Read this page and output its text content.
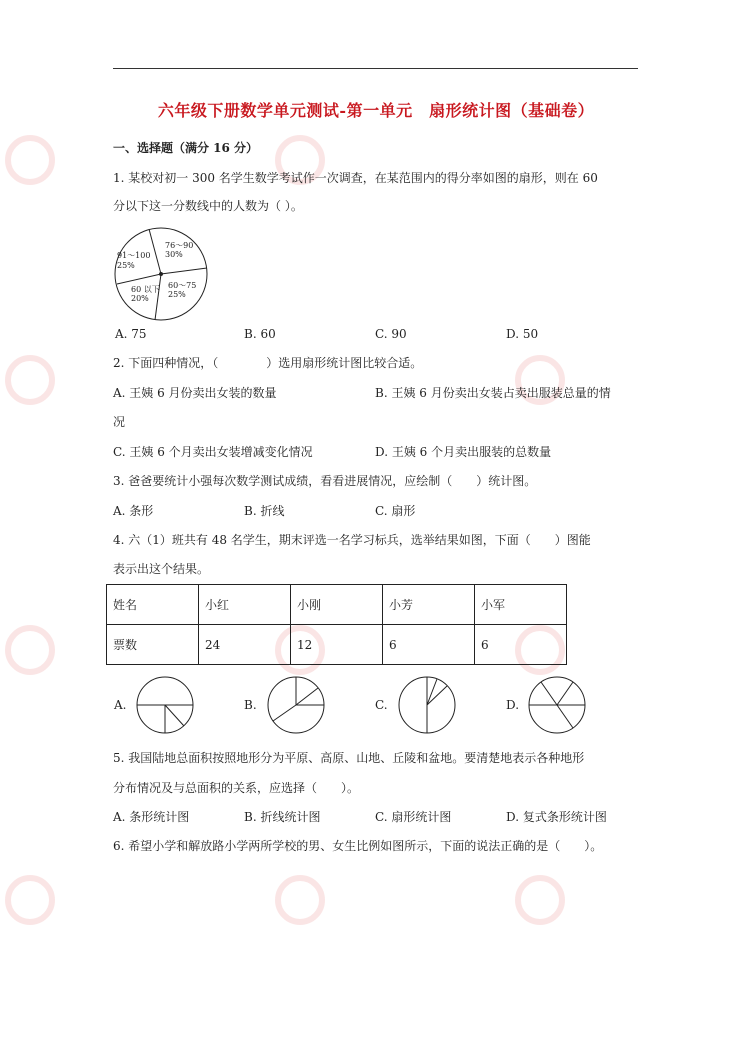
六年级下册数学单元测试-第一单元　扇形统计图（基础卷）
一、选择题（满分 16 分）
1. 某校对初一 300 名学生数学考试作一次调查，在某范围内的得分率如图的扇形，则在 60
分以下这一分数线中的人数为（ ）。
91～100
25%
76～90
30%
60～75
25%
60 以下
20%
A. 75	B. 60	C. 90	D. 50
2. 下面四种情况，（　　　　）选用扇形统计图比较合适。
A. 王姨 6 月份卖出女装的数量	B. 王姨 6 月份卖出女装占卖出服装总量的情
况
C. 王姨 6 个月卖出女装增减变化情况	D. 王姨 6 个月卖出服装的总数量
3. 爸爸要统计小强每次数学测试成绩，看看进展情况，应绘制（　　）统计图。
A. 条形	B. 折线	C. 扇形
4. 六（1）班共有 48 名学生，期末评选一名学习标兵，选举结果如图，下面（　　）图能
表示出这个结果。
姓名	小红	小刚	小芳	小军
票数	24	12	6	6
A.	B.	C.	D.
5. 我国陆地总面积按照地形分为平原、高原、山地、丘陵和盆地。要清楚地表示各种地形
分布情况及与总面积的关系，应选择（　　）。
A. 条形统计图	B. 折线统计图	C. 扇形统计图	D. 复式条形统计图
6. 希望小学和解放路小学两所学校的男、女生比例如图所示，下面的说法正确的是（　　）。
